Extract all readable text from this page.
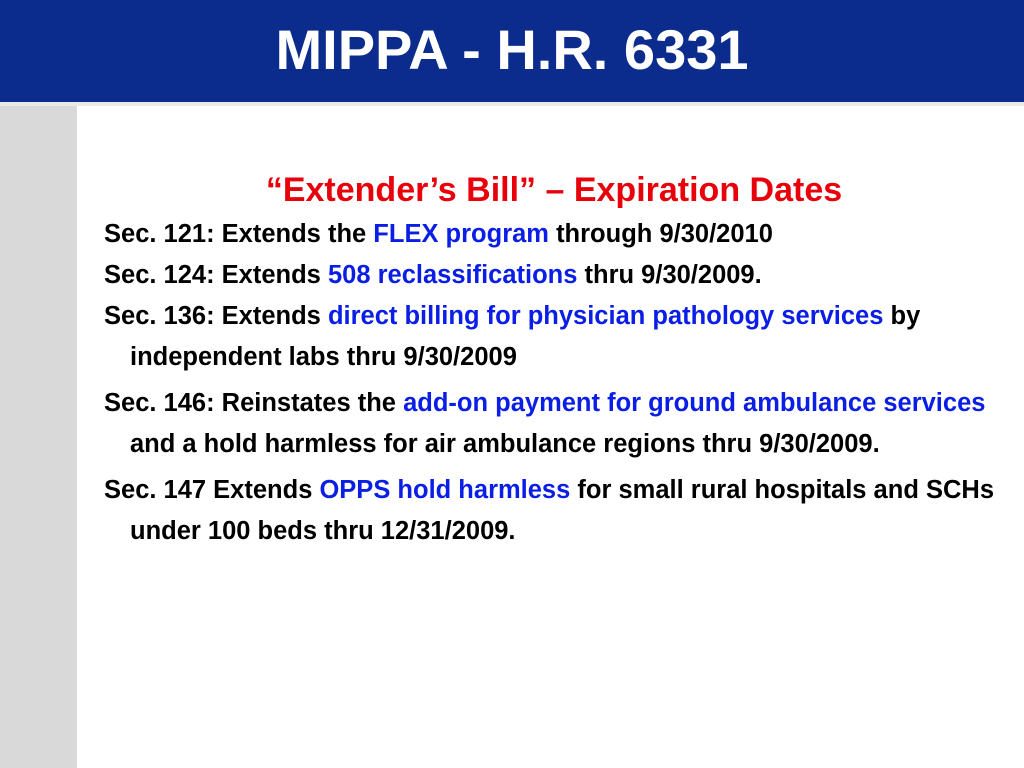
MIPPA - H.R. 6331
“Extender’s Bill” – Expiration Dates
Sec. 121: Extends the FLEX program through 9/30/2010
Sec. 124: Extends 508 reclassifications thru 9/30/2009.
Sec. 136: Extends direct billing for physician pathology services by independent labs thru 9/30/2009
Sec. 146: Reinstates the add-on payment for ground ambulance services and a hold harmless for air ambulance regions thru 9/30/2009.
Sec. 147 Extends OPPS hold harmless for small rural hospitals and SCHs under 100 beds thru 12/31/2009.
